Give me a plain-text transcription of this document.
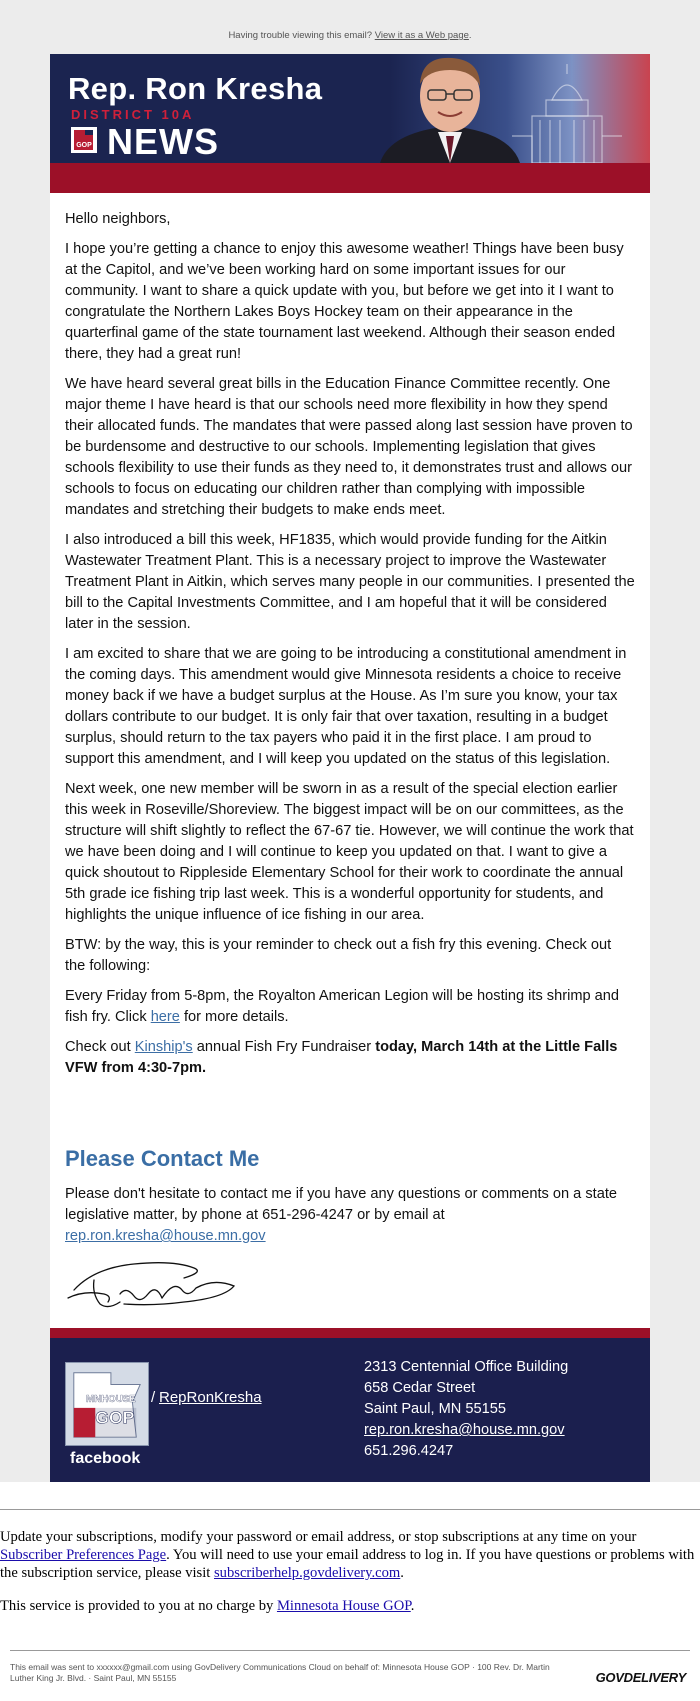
Having trouble viewing this email? View it as a Web page.
Rep. Ron Kresha
DISTRICT 10A
GOP NEWS

Hello neighbors,

I hope you’re getting a chance to enjoy this awesome weather! Things have been busy at the Capitol, and we’ve been working hard on some important issues for our community. I want to share a quick update with you, but before we get into it I want to congratulate the Northern Lakes Boys Hockey team on their appearance in the quarterfinal game of the state tournament last weekend. Although their season ended there, they had a great run!

We have heard several great bills in the Education Finance Committee recently. One major theme I have heard is that our schools need more flexibility in how they spend their allocated funds. The mandates that were passed along last session have proven to be burdensome and destructive to our schools. Implementing legislation that gives schools flexibility to use their funds as they need to, it demonstrates trust and allows our schools to focus on educating our children rather than complying with impossible mandates and stretching their budgets to make ends meet.

I also introduced a bill this week, HF1835, which would provide funding for the Aitkin Wastewater Treatment Plant. This is a necessary project to improve the Wastewater Treatment Plant in Aitkin, which serves many people in our communities. I presented the bill to the Capital Investments Committee, and I am hopeful that it will be considered later in the session.

I am excited to share that we are going to be introducing a constitutional amendment in the coming days. This amendment would give Minnesota residents a choice to receive money back if we have a budget surplus at the House. As I’m sure you know, your tax dollars contribute to our budget. It is only fair that over taxation, resulting in a budget surplus, should return to the tax payers who paid it in the first place. I am proud to support this amendment, and I will keep you updated on the status of this legislation.

Next week, one new member will be sworn in as a result of the special election earlier this week in Roseville/Shoreview. The biggest impact will be on our committees, as the structure will shift slightly to reflect the 67-67 tie. However, we will continue the work that we have been doing and I will continue to keep you updated on that. I want to give a quick shoutout to Rippleside Elementary School for their work to coordinate the annual 5th grade ice fishing trip last week. This is a wonderful opportunity for students, and highlights the unique influence of ice fishing in our area.

BTW: by the way, this is your reminder to check out a fish fry this evening. Check out the following:

Every Friday from 5-8pm, the Royalton American Legion will be hosting its shrimp and fish fry. Click here for more details.

Check out Kinship's annual Fish Fry Fundraiser today, March 14th at the Little Falls VFW from 4:30-7pm.

Please Contact Me
Please don't hesitate to contact me if you have any questions or comments on a state legislative matter, by phone at 651-296-4247 or by email at
rep.ron.kresha@house.mn.gov
MNHOUSE
GOP
facebook
/ RepRonKresha
2313 Centennial Office Building
658 Cedar Street
Saint Paul, MN 55155
rep.ron.kresha@house.mn.gov
651.296.4247
Update your subscriptions, modify your password or email address, or stop subscriptions at any time on your Subscriber Preferences Page. You will need to use your email address to log in. If you have questions or problems with the subscription service, please visit subscriberhelp.govdelivery.com.
This service is provided to you at no charge by Minnesota House GOP.
This email was sent to xxxxxx@gmail.com using GovDelivery Communications Cloud on behalf of: Minnesota House GOP · 100 Rev. Dr. Martin Luther King Jr. Blvd. · Saint Paul, MN 55155	GOVDELIVERY
